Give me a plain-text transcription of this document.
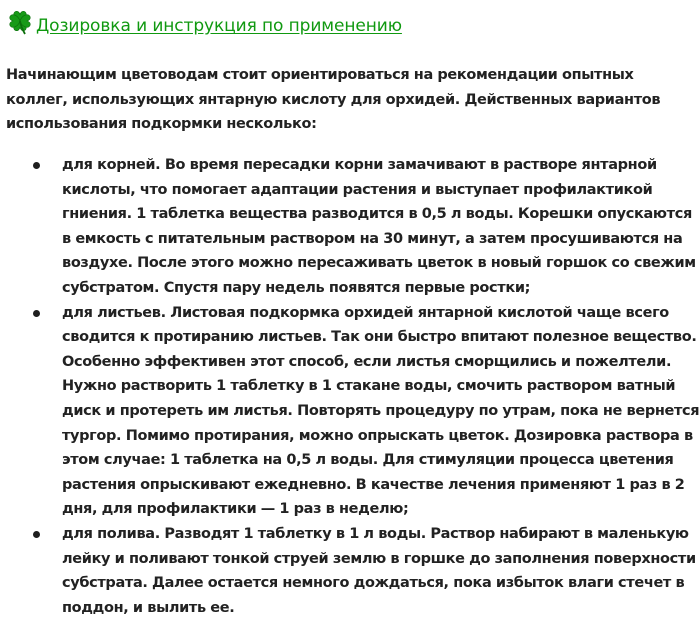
Дозировка и инструкция по применению

Начинающим цветоводам стоит ориентироваться на рекомендации опытных коллег, использующих янтарную кислоту для орхидей. Действенных вариантов использования подкормки несколько:

для корней. Во время пересадки корни замачивают в растворе янтарной кислоты, что помогает адаптации растения и выступает профилактикой гниения. 1 таблетка вещества разводится в 0,5 л воды. Корешки опускаются в емкость с питательным раствором на 30 минут, а затем просушиваются на воздухе. После этого можно пересаживать цветок в новый горшок со свежим субстратом. Спустя пару недель появятся первые ростки;
для листьев. Листовая подкормка орхидей янтарной кислотой чаще всего сводится к протиранию листьев. Так они быстро впитают полезное вещество. Особенно эффективен этот способ, если листья сморщились и пожелтели. Нужно растворить 1 таблетку в 1 стакане воды, смочить раствором ватный диск и протереть им листья. Повторять процедуру по утрам, пока не вернется тургор. Помимо протирания, можно опрыскать цветок. Дозировка раствора в этом случае: 1 таблетка на 0,5 л воды. Для стимуляции процесса цветения растения опрыскивают ежедневно. В качестве лечения применяют 1 раз в 2 дня, для профилактики — 1 раз в неделю;
для полива. Разводят 1 таблетку в 1 л воды. Раствор набирают в маленькую лейку и поливают тонкой струей землю в горшке до заполнения поверхности субстрата. Далее остается немного дождаться, пока избыток влаги стечет в поддон, и вылить ее.
